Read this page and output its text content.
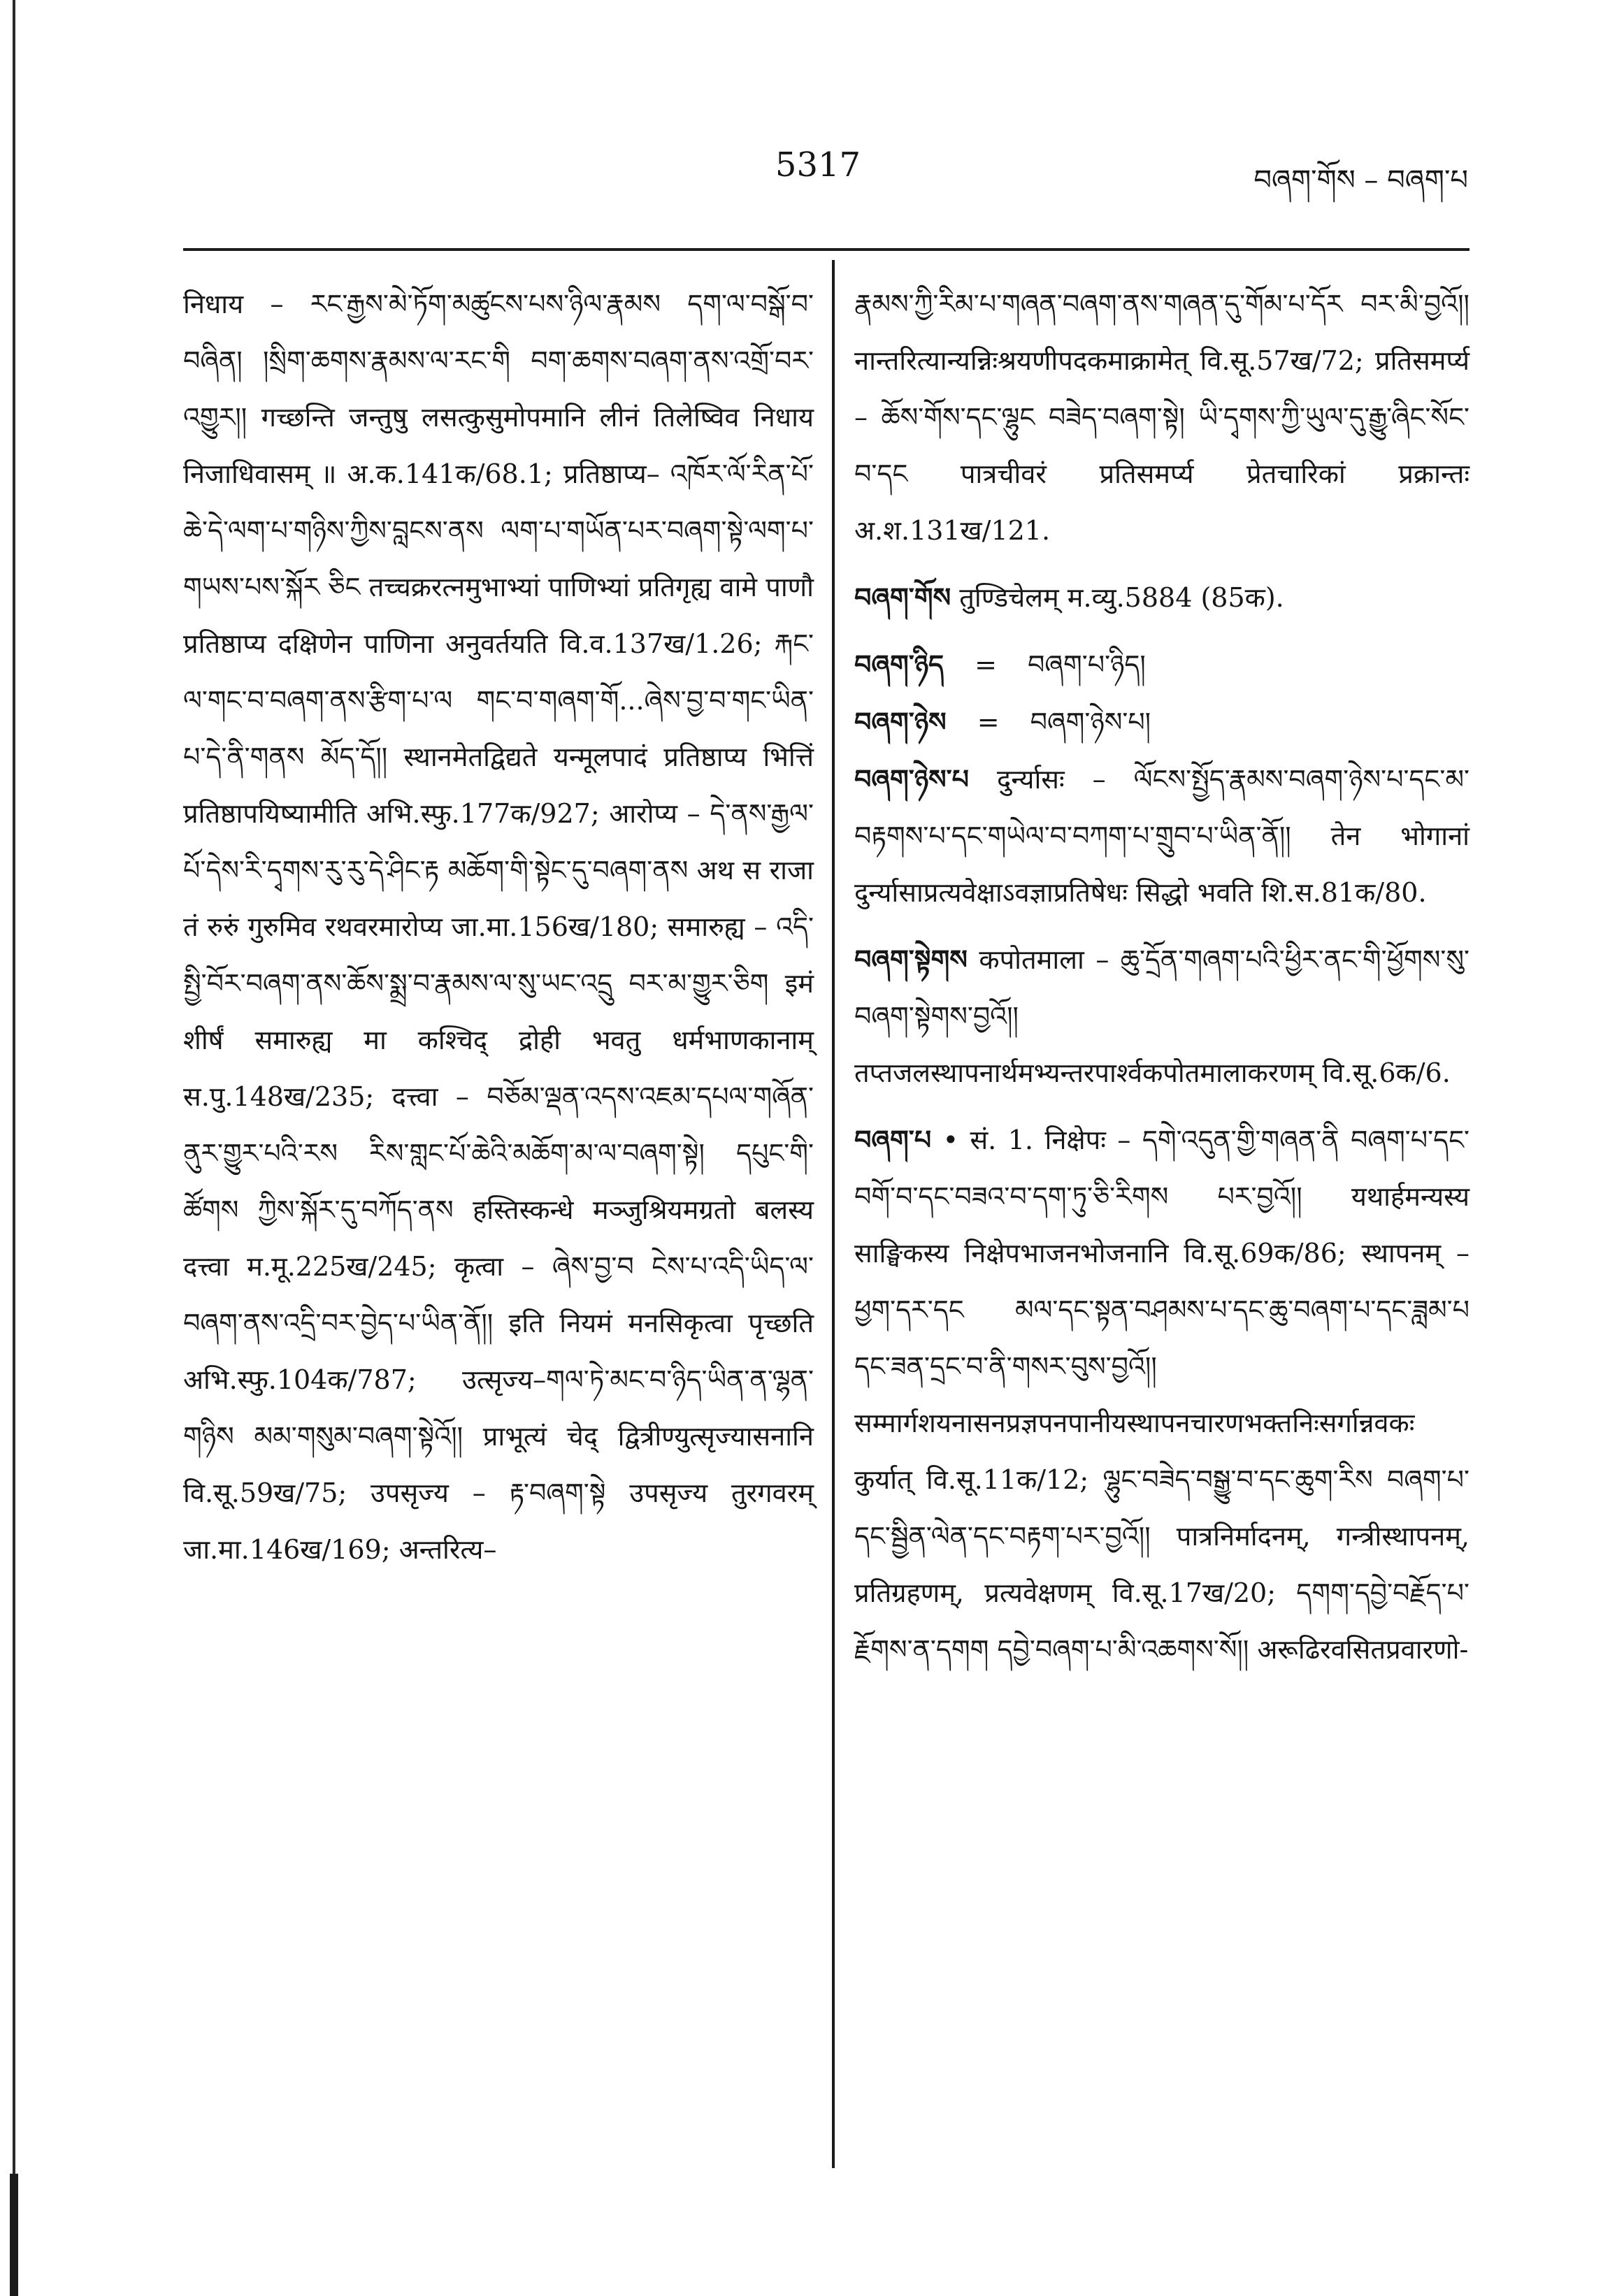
5317	བཞག་གོས – བཞག་པ

निधाय – རང་རྒྱས་མེ་ཏོག་མཚུངས་པས་ཉིལ་རྣམས དག་ལ་བསྒོ་བ་བཞིན། །སྲིག་ཆགས་རྣམས་ལ་རང་གི བག་ཆགས་བཞག་ནས་འགྲོ་བར་འགྱུར།། गच्छन्ति जन्तुषु लसत्कुसुमोपमानि लीनं तिलेष्विव निधाय निजाधिवासम् ॥ अ.क.141क/68.1; प्रतिष्ठाप्य– འཁོར་ལོ་རིན་པོ་ཆེ་དེ་ལག་པ་གཉིས་ཀྱིས་བླངས་ནས ལག་པ་གཡོན་པར་བཞག་སྟེ་ལག་པ་གཡས་པས་སྐོར ཅིང तच्चक्ररत्नमुभाभ्यां पाणिभ्यां प्रतिगृह्य वामे पाणौ प्रतिष्ठाप्य दक्षिणेन पाणिना अनुवर्तयति वि.व.137ख/1.26; རྐང་ལ་གང་བ་བཞག་ནས་རྩིག་པ་ལ གང་བ་གཞག་གོ...ཞེས་བྱ་བ་གང་ཡིན་པ་དེ་ནི་གནས མོད་དོ།། स्थानमेतद्विद्यते यन्मूलपादं प्रतिष्ठाप्य भित्तिं प्रतिष्ठापयिष्यामीति अभि.स्फु.177क/927; आरोप्य – དེ་ནས་རྒྱལ་པོ་དེས་རི་དྭགས་རུ་རུ་དེ་ཤིང་རྟ མཆོག་གི་སྟེང་དུ་བཞག་ནས अथ स राजा तं रुरुं गुरुमिव रथवरमारोप्य जा.मा.156ख/180; समारुह्य – འདི་སྤྱི་བོར་བཞག་ནས་ཆོས་སྨྲ་བ་རྣམས་ལ་སུ་ཡང་འདྲུ བར་མ་གྱུར་ཅིག इमं शीर्षं समारुह्य मा कश्चिद् द्रोही भवतु धर्मभाणकानाम् स.पु.148ख/235; दत्त्वा – བཅོམ་ལྡན་འདས་འཇམ་དཔལ་གཞོན་ནུར་གྱུར་པའི་རས རིས་གླང་པོ་ཆེའི་མཆོག་མ་ལ་བཞག་སྟེ། དཔུང་གི་ཚོགས ཀྱིས་སྐོར་དུ་བཀོད་ནས हस्तिस्कन्धे मञ्जुश्रियमग्रतो बलस्य दत्त्वा म.मू.225ख/245; कृत्वा – ཞེས་བྱ་བ ངེས་པ་འདི་ཡིད་ལ་བཞག་ནས་འདྲི་བར་བྱེད་པ་ཡིན་ནོ།། इति नियमं मनसिकृत्वा पृच्छति अभि.स्फु.104क/787; उत्सृज्य–གལ་ཏེ་མང་བ་ཉིད་ཡིན་ན་ལྷན་གཉིས མམ་གསུམ་བཞག་སྟེའོ།། प्राभूत्यं चेद् द्वित्रीण्युत्सृज्यासनानि वि.सू.59ख/75; उपसृज्य – རྟ་བཞག་སྟེ उपसृज्य तुरगवरम् जा.मा.146ख/169; अन्तरित्य–

རྣམས་ཀྱི་རིམ་པ་གཞན་བཞག་ནས་གཞན་དུ་གོམ་པ་དོར བར་མི་བྱའོ།། नान्तरित्यान्यन्निःश्रयणीपदकमाक्रामेत् वि.सू.57ख/72; प्रतिसमर्प्य – ཆོས་གོས་དང་ལྷུང བཟེད་བཞག་སྟེ། ཡི་དྭགས་ཀྱི་ཡུལ་དུ་རྒྱུ་ཞིང་སོང་བ་དང पात्रचीवरं प्रतिसमर्प्य प्रेतचारिकां प्रक्रान्तः अ.श.131ख/121.

བཞག་གོས तुण्डिचेलम् म.व्यु.5884 (85क).

བཞག་ཉིད	=	བཞག་པ་ཉིད།
བཞག་ཉེས	=	བཞག་ཉེས་པ།

བཞག་ཉེས་པ दुर्न्यासः – ལོངས་སྤྱོད་རྣམས་བཞག་ཉེས་པ་དང་མ་བརྟགས་པ་དང་གཡེལ་བ་བཀག་པ་གྲུབ་པ་ཡིན་ནོ།། तेन भोगानां दुर्न्यासाप्रत्यवेक्षाऽवज्ञाप्रतिषेधः सिद्धो भवति शि.स.81क/80.

བཞག་སྟེགས कपोतमाला – ཆུ་དྲོན་གཞག་པའི་ཕྱིར་ནང་གི་ཕྱོགས་སུ་བཞག་སྟེགས་བྱའོ།། तप्तजलस्थापनार्थमभ्यन्तरपार्श्वकपोतमालाकरणम् वि.सू.6क/6.

བཞག་པ • सं. 1. निक्षेपः – དགེ་འདུན་གྱི་གཞན་ནི བཞག་པ་དང་བགོ་བ་དང་བཟའ་བ་དག་ཏུ་ཅི་རིགས པར་བྱའོ།། यथार्हमन्यस्य साङ्घिकस्य निक्षेपभाजनभोजनानि वि.सू.69क/86; स्थापनम् – ཕྱག་དར་དང མལ་དང་སྟན་བཤམས་པ་དང་ཆུ་བཞག་པ་དང་ཟླམ་པ དང་ཟན་དྲང་བ་ནི་གསར་བུས་བྱའོ།། सम्मार्गशयनासनप्रज्ञपनपानीयस्थापनचारणभक्तनिःसर्गान्नवकः कुर्यात् वि.सू.11क/12; ལྷུང་བཟེད་བསྒྱུ་བ་དང་ཆུག་རིས བཞག་པ་དང་སྦྱིན་ལེན་དང་བརྟག་པར་བྱའོ།། पात्रनिर्मादनम्, गन्त्रीस्थापनम्, प्रतिग्रहणम्, प्रत्यवेक्षणम् वि.सू.17ख/20; དགག་དབྱེ་བརྗོད་པ་རྗོགས་ན་དགག དབྱེ་བཞག་པ་མི་འཆགས་སོ།། अरूढिरवसितप्रवारणो-
